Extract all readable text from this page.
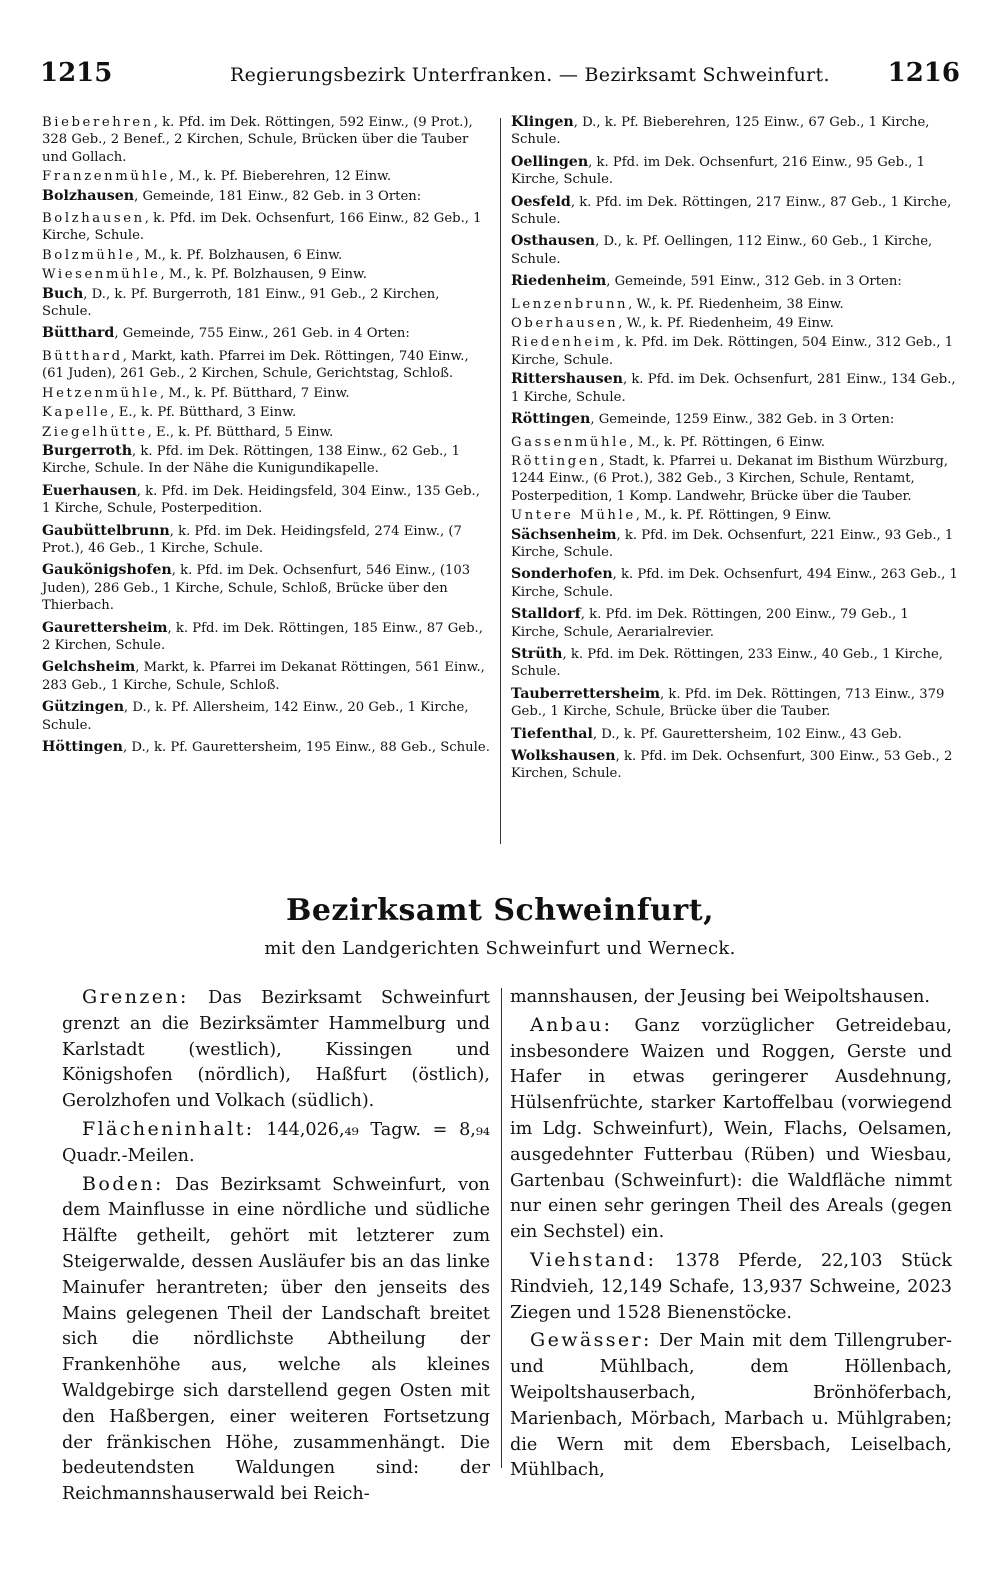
1215	Regierungsbezirk Unterfranken. — Bezirksamt Schweinfurt. 1216
Bieberehren, k. Pfd. im Dek. Röttingen, 592 Einw., (9 Prot.), 328 Geb., 2 Benef., 2 Kirchen, Schule, Brücken über die Tauber und Gollach.
Franzenmühle, M., k. Pf. Bieberehren, 12 Einw.
Bolzhausen, Gemeinde, 181 Einw., 82 Geb. in 3 Orten:
Bolzhausen, k. Pfd. im Dek. Ochsenfurt, 166 Einw., 82 Geb., 1 Kirche, Schule.
Bolzmühle, M., k. Pf. Bolzhausen, 6 Einw.
Wiesenmühle, M., k. Pf. Bolzhausen, 9 Einw.
Buch, D., k. Pf. Burgerroth, 181 Einw., 91 Geb., 2 Kirchen, Schule.
Bütthard, Gemeinde, 755 Einw., 261 Geb. in 4 Orten:
Bütthard, Markt, kath. Pfarrei im Dek. Röttingen, 740 Einw., (61 Juden), 261 Geb., 2 Kirchen, Schule, Gerichtstag, Schloß.
Hetzenmühle, M., k. Pf. Bütthard, 7 Einw.
Kapelle, E., k. Pf. Bütthard, 3 Einw.
Ziegelhütte, E., k. Pf. Bütthard, 5 Einw.
Burgerroth, k. Pfd. im Dek. Röttingen, 138 Einw., 62 Geb., 1 Kirche, Schule. In der Nähe die Kunigundikapelle.
Euerhausen, k. Pfd. im Dek. Heidingsfeld, 304 Einw., 135 Geb., 1 Kirche, Schule, Posterpedition.
Gaubüttelbrunn, k. Pfd. im Dek. Heidingsfeld, 274 Einw., (7 Prot.), 46 Geb., 1 Kirche, Schule.
Gaukönigshofen, k. Pfd. im Dek. Ochsenfurt, 546 Einw., (103 Juden), 286 Geb., 1 Kirche, Schule, Schloß, Brücke über den Thierbach.
Gaurettersheim, k. Pfd. im Dek. Röttingen, 185 Einw., 87 Geb., 2 Kirchen, Schule.
Gelchsheim, Markt, k. Pfarrei im Dekanat Röttingen, 561 Einw., 283 Geb., 1 Kirche, Schule, Schloß.
Gützingen, D., k. Pf. Allersheim, 142 Einw., 20 Geb., 1 Kirche, Schule.
Höttingen, D., k. Pf. Gaurettersheim, 195 Einw., 88 Geb., Schule.
Klingen, D., k. Pf. Bieberehren, 125 Einw., 67 Geb., 1 Kirche, Schule.
Oellingen, k. Pfd. im Dek. Ochsenfurt, 216 Einw., 95 Geb., 1 Kirche, Schule.
Oesfeld, k. Pfd. im Dek. Röttingen, 217 Einw., 87 Geb., 1 Kirche, Schule.
Osthausen, D., k. Pf. Oellingen, 112 Einw., 60 Geb., 1 Kirche, Schule.
Riedenheim, Gemeinde, 591 Einw., 312 Geb. in 3 Orten:
Lenzenbrunn, W., k. Pf. Riedenheim, 38 Einw.
Oberhausen, W., k. Pf. Riedenheim, 49 Einw.
Riedenheim, k. Pfd. im Dek. Röttingen, 504 Einw., 312 Geb., 1 Kirche, Schule.
Rittershausen, k. Pfd. im Dek. Ochsenfurt, 281 Einw., 134 Geb., 1 Kirche, Schule.
Röttingen, Gemeinde, 1259 Einw., 382 Geb. in 3 Orten:
Gassenmühle, M., k. Pf. Röttingen, 6 Einw.
Röttingen, Stadt, k. Pfarrei u. Dekanat im Bisthum Würzburg, 1244 Einw., (6 Prot.), 382 Geb., 3 Kirchen, Schule, Rentamt, Posterpedition, 1 Komp. Landwehr, Brücke über die Tauber.
Untere Mühle, M., k. Pf. Röttingen, 9 Einw.
Sächsenheim, k. Pfd. im Dek. Ochsenfurt, 221 Einw., 93 Geb., 1 Kirche, Schule.
Sonderhofen, k. Pfd. im Dek. Ochsenfurt, 494 Einw., 263 Geb., 1 Kirche, Schule.
Stalldorf, k. Pfd. im Dek. Röttingen, 200 Einw., 79 Geb., 1 Kirche, Schule, Aerarialrevier.
Strüth, k. Pfd. im Dek. Röttingen, 233 Einw., 40 Geb., 1 Kirche, Schule.
Tauberrettersheim, k. Pfd. im Dek. Röttingen, 713 Einw., 379 Geb., 1 Kirche, Schule, Brücke über die Tauber.
Tiefenthal, D., k. Pf. Gaurettersheim, 102 Einw., 43 Geb.
Wolkshausen, k. Pfd. im Dek. Ochsenfurt, 300 Einw., 53 Geb., 2 Kirchen, Schule.
Bezirksamt Schweinfurt,
mit den Landgerichten Schweinfurt und Werneck.

Grenzen: Das Bezirksamt Schweinfurt grenzt an die Bezirksämter Hammelburg und Karlstadt (westlich), Kissingen und Königshofen (nördlich), Haßfurt (östlich), Gerolzhofen und Volkach (südlich).

Flächeninhalt: 144,026,₄₉ Tagw. = 8,₉₄ Quadr.-Meilen.

Boden: Das Bezirksamt Schweinfurt, von dem Mainflusse in eine nördliche und südliche Hälfte getheilt, gehört mit letzterer zum Steigerwalde, dessen Ausläufer bis an das linke Mainufer herantreten; über den jenseits des Mains gelegenen Theil der Landschaft breitet sich die nördlichste Abtheilung der Frankenhöhe aus, welche als kleines Waldgebirge sich darstellend gegen Osten mit den Haßbergen, einer weiteren Fortsetzung der fränkischen Höhe, zusammenhängt. Die bedeutendsten Waldungen sind: der Reichmannshauserwald bei Reich-

mannshausen, der Jeusing bei Weipoltshausen.

Anbau: Ganz vorzüglicher Getreidebau, insbesondere Waizen und Roggen, Gerste und Hafer in etwas geringerer Ausdehnung, Hülsenfrüchte, starker Kartoffelbau (vorwiegend im Ldg. Schweinfurt), Wein, Flachs, Oelsamen, ausgedehnter Futterbau (Rüben) und Wiesbau, Gartenbau (Schweinfurt): die Waldfläche nimmt nur einen sehr geringen Theil des Areals (gegen ein Sechstel) ein.

Viehstand: 1378 Pferde, 22,103 Stück Rindvieh, 12,149 Schafe, 13,937 Schweine, 2023 Ziegen und 1528 Bienenstöcke.

Gewässer: Der Main mit dem Tillengruber- und Mühlbach, dem Höllenbach, Weipoltshauserbach, Brönhöferbach, Marienbach, Mörbach, Marbach u. Mühlgraben; die Wern mit dem Ebersbach, Leiselbach, Mühlbach,
